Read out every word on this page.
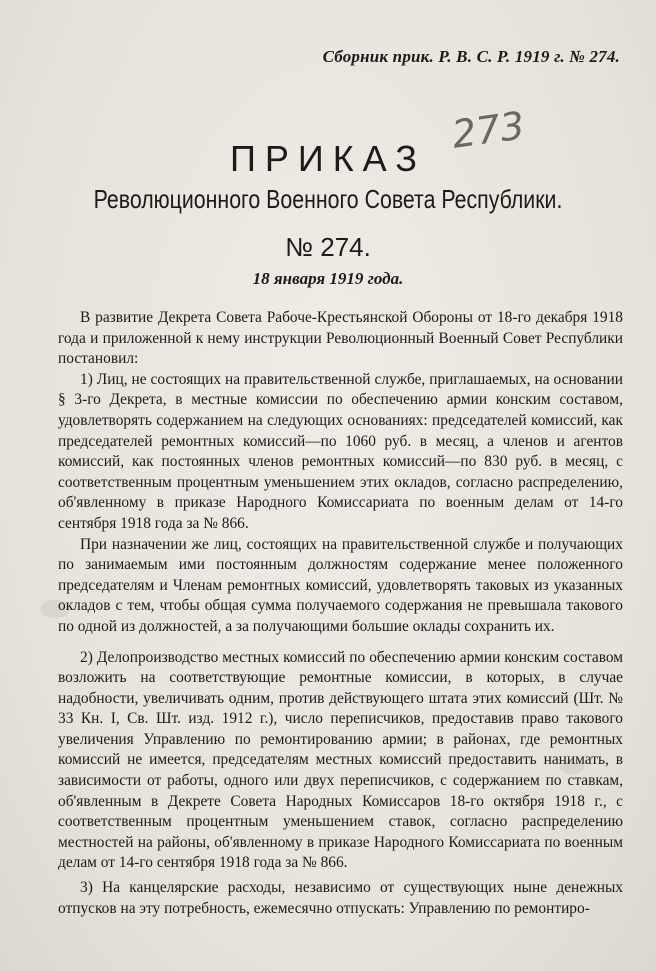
Сборник прик. Р. В. С. Р. 1919 г. № 274.
273
ПРИКАЗ
Революционного Военного Совета Республики.
№ 274.
18 января 1919 года.

В развитие Декрета Совета Рабоче-Крестьянской Обороны от 18-го декабря 1918 года и приложенной к нему инструкции Революционный Военный Совет Республики постановил:

1) Лиц, не состоящих на правительственной службе, приглашаемых, на основании § 3-го Декрета, в местные комиссии по обеспечению армии конским составом, удовлетворять содержанием на следующих основаниях: председателей комиссий, как председателей ремонтных комиссий—по 1060 руб. в месяц, а членов и агентов комиссий, как постоянных членов ремонтных комиссий—по 830 руб. в месяц, с соответственным процентным уменьшением этих окладов, согласно распределению, об'явленному в приказе Народного Комиссариата по военным делам от 14-го сентября 1918 года за № 866.

При назначении же лиц, состоящих на правительственной службе и получающих по занимаемым ими постоянным должностям содержание менее положенного председателям и Членам ремонтных комиссий, удовлетворять таковых из указанных окладов с тем, чтобы общая сумма получаемого содержания не превышала такового по одной из должностей, а за получающими большие оклады сохранить их.

2) Делопроизводство местных комиссий по обеспечению армии конским составом возложить на соответствующие ремонтные комиссии, в которых, в случае надобности, увеличивать одним, против действующего штата этих комиссий (Шт. № 33 Кн. I, Св. Шт. изд. 1912 г.), число переписчиков, предоставив право такового увеличения Управлению по ремонтированию армии; в районах, где ремонтных комиссий не имеется, председателям местных комиссий предоставить нанимать, в зависимости от работы, одного или двух переписчиков, с содержанием по ставкам, об'явленным в Декрете Совета Народных Комиссаров 18-го октября 1918 г., с соответственным процентным уменьшением ставок, согласно распределению местностей на районы, об'явленному в приказе Народного Комиссариата по военным делам от 14-го сентября 1918 года за № 866.

3) На канцелярские расходы, независимо от существующих ныне денежных отпусков на эту потребность, ежемесячно отпускать: Управлению по ремонтиро-
